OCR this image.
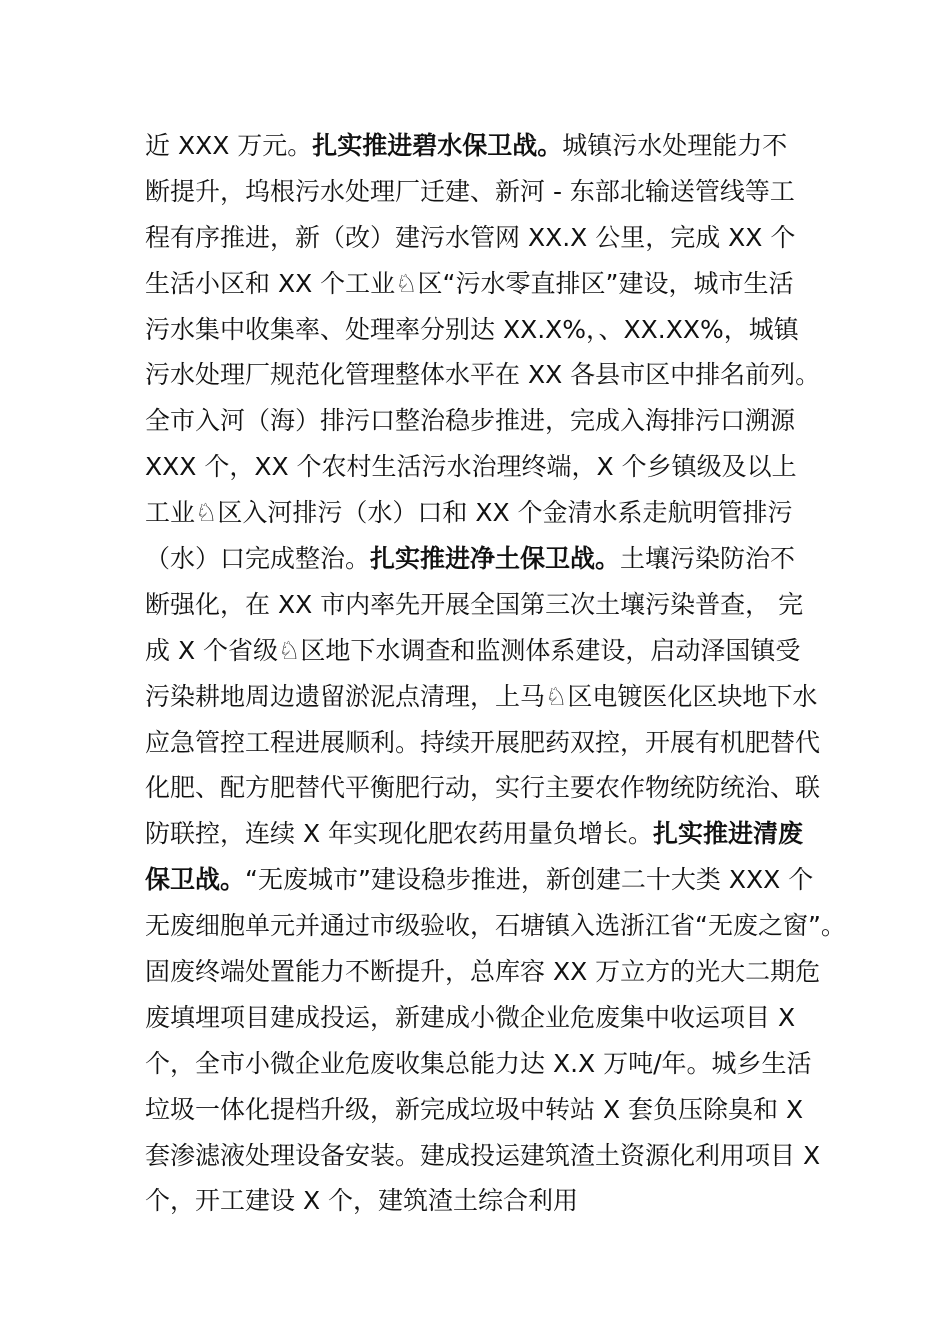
近 XXX 万元。扎实推进碧水保卫战。城镇污水处理能力不
断提升，坞根污水处理厂迁建、新河 - 东部北输送管线等工
程有序推进，新（改）建污水管网 XX.X 公里，完成 XX 个
生活小区和 XX 个工业♘区“污水零直排区”建设，城市生活
污水集中收集率、处理率分别达 XX.X%，、XX.XX%，城镇
污水处理厂规范化管理整体水平在 XX 各县市区中排名前列。
全市入河（海）排污口整治稳步推进，完成入海排污口溯源
XXX 个，XX 个农村生活污水治理终端，X 个乡镇级及以上
工业♘区入河排污（水）口和 XX 个金清水系走航明管排污
（水）口完成整治。扎实推进净土保卫战。土壤污染防治不
断强化，在 XX 市内率先开展全国第三次土壤污染普查， 完
成 X 个省级♘区地下水调查和监测体系建设，启动泽国镇受
污染耕地周边遗留淤泥点清理，上马♘区电镀医化区块地下水
应急管控工程进展顺利。持续开展肥药双控，开展有机肥替代
化肥、配方肥替代平衡肥行动，实行主要农作物统防统治、联
防联控，连续 X 年实现化肥农药用量负增长。扎实推进清废
保卫战。“无废城市”建设稳步推进，新创建二十大类 XXX 个
无废细胞单元并通过市级验收，石塘镇入选浙江省“无废之窗”。
固废终端处置能力不断提升，总库容 XX 万立方的光大二期危
废填埋项目建成投运，新建成小微企业危废集中收运项目 X
个，全市小微企业危废收集总能力达 X.X 万吨/年。城乡生活
垃圾一体化提档升级，新完成垃圾中转站 X 套负压除臭和 X
套渗滤液处理设备安装。建成投运建筑渣土资源化利用项目 X
个，开工建设 X 个，建筑渣土综合利用
